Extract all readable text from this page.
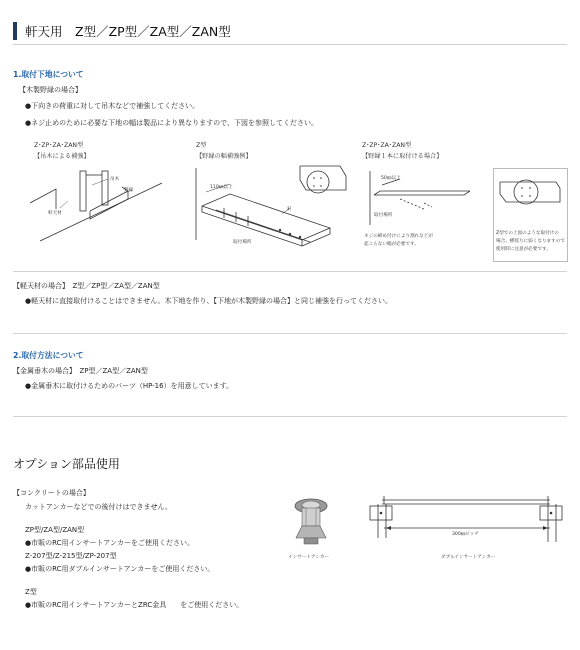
軒天用　Z型／ZP型／ZA型／ZAN型
1.取付下地について
【木製野縁の場合】
●下向きの荷重に対して吊木などで補強してください。
●ネジ止めのために必要な下地の幅は製品により異なりますので、下図を参照してください。
Z･ZP･ZA･ZAN型
【吊木による補強】
吊木
野縁
軒天材
Z型
【野縁の幅補強例】
110㎜以上
釘
取付場所
Z･ZP･ZA･ZAN型
【野縁１本に取付ける場合】
50㎜以上
取付場所
ネジの締め付けにより割れなどが
起こらない幅が必要です。
Z型での上図のような取付けの
場合、横揺りに弱くなりますので
使用時に注意が必要です。
【軽天材の場合】　Z型／ZP型／ZA型／ZAN型
●軽天材に直接取付けることはできません。木下地を作り、【下地が木製野縁の場合】と同じ補強を行ってください。
2.取付方法について
【金属垂木の場合】　ZP型／ZA型／ZAN型
●金属垂木に取付けるためのパーツ（HP-16）を用意しています。
オプション部品使用
【コンクリートの場合】
カットアンカーなどでの後付けはできません。
ZP型/ZA型/ZAN型
●市販のRC用インサートアンカーをご使用ください。
Z-207型/Z-215型/ZP-207型
●市販のRC用ダブルインサートアンカーをご使用ください。
Z型
●市販のRC用インサートアンカーとZRC金具　　をご使用ください。
インサートアンカー
300㎜ピッチ
ダブルインサートアンカー
